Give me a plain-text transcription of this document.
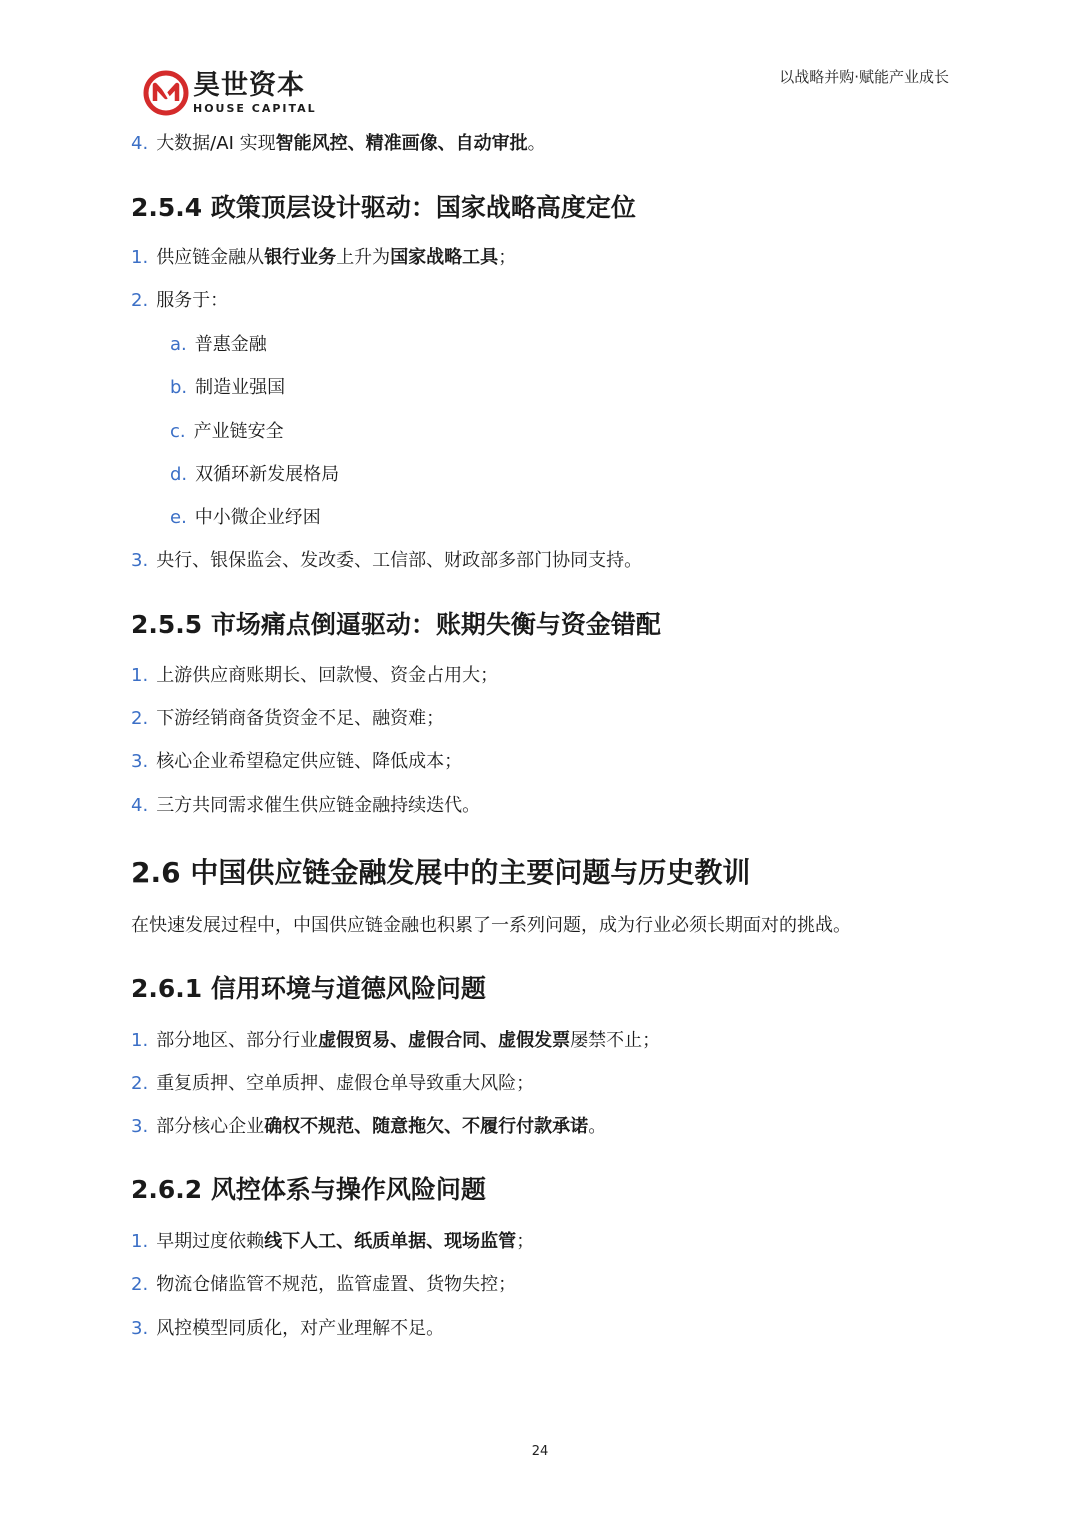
昊世资本
HOUSE CAPITAL
以战略并购·赋能产业成长
4. 大数据/AI 实现智能风控、精准画像、自动审批。
2.5.4 政策顶层设计驱动：国家战略高度定位
1. 供应链金融从银行业务上升为国家战略工具；
2. 服务于：
a. 普惠金融
b. 制造业强国
c. 产业链安全
d. 双循环新发展格局
e. 中小微企业纾困
3. 央行、银保监会、发改委、工信部、财政部多部门协同支持。
2.5.5 市场痛点倒逼驱动：账期失衡与资金错配
1. 上游供应商账期长、回款慢、资金占用大；
2. 下游经销商备货资金不足、融资难；
3. 核心企业希望稳定供应链、降低成本；
4. 三方共同需求催生供应链金融持续迭代。
2.6 中国供应链金融发展中的主要问题与历史教训
在快速发展过程中，中国供应链金融也积累了一系列问题，成为行业必须长期面对的挑战。
2.6.1 信用环境与道德风险问题
1. 部分地区、部分行业虚假贸易、虚假合同、虚假发票屡禁不止；
2. 重复质押、空单质押、虚假仓单导致重大风险；
3. 部分核心企业确权不规范、随意拖欠、不履行付款承诺。
2.6.2 风控体系与操作风险问题
1. 早期过度依赖线下人工、纸质单据、现场监管；
2. 物流仓储监管不规范，监管虚置、货物失控；
3. 风控模型同质化，对产业理解不足。
24
